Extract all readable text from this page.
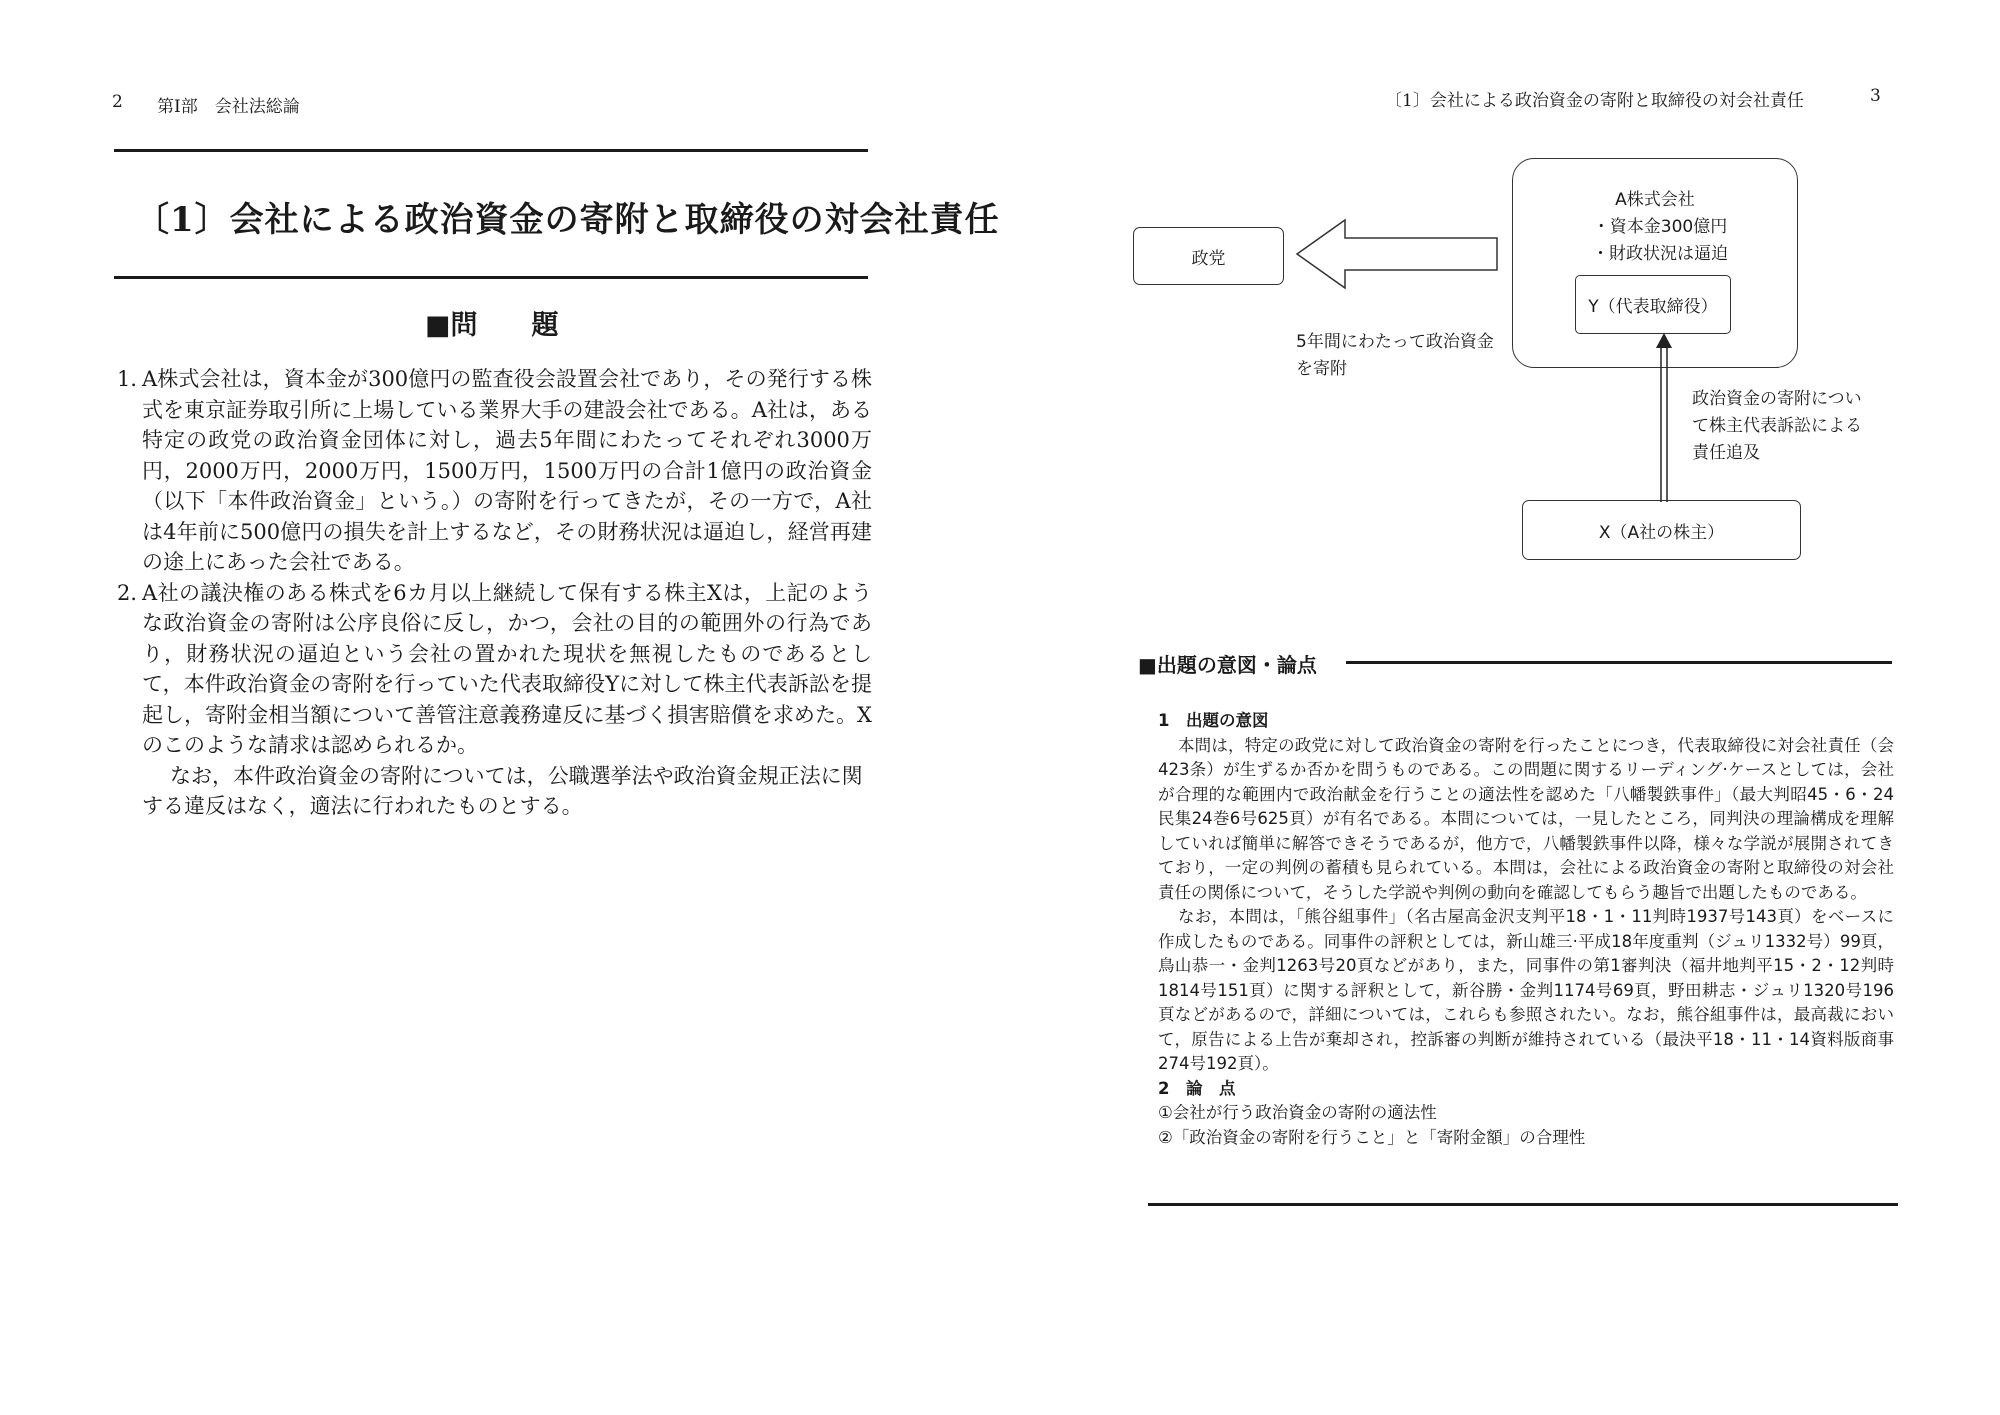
2 第Ⅰ部　会社法総論
〔1〕会社による政治資金の寄附と取締役の対会社責任
■問　　題
1．
A株式会社は，資本金が300億円の監査役会設置会社であり，その発行する株式を東京証券取引所に上場している業界大手の建設会社である。A社は，ある特定の政党の政治資金団体に対し，過去5年間にわたってそれぞれ3000万円，2000万円，2000万円，1500万円，1500万円の合計1億円の政治資金（以下「本件政治資金」という。）の寄附を行ってきたが，その一方で，A社は4年前に500億円の損失を計上するなど，その財務状況は逼迫し，経営再建の途上にあった会社である。
2．
A社の議決権のある株式を6カ月以上継続して保有する株主Xは，上記のような政治資金の寄附は公序良俗に反し，かつ，会社の目的の範囲外の行為であり，財務状況の逼迫という会社の置かれた現状を無視したものであるとして，本件政治資金の寄附を行っていた代表取締役Yに対して株主代表訴訟を提起し，寄附金相当額について善管注意義務違反に基づく損害賠償を求めた。Xのこのような請求は認められるか。

なお，本件政治資金の寄附については，公職選挙法や政治資金規正法に関する違反はなく，適法に行われたものとする。

〔1〕会社による政治資金の寄附と取締役の対会社責任	3
A株式会社
・資本金300億円
・財政状況は逼迫
Y（代表取締役）
政党
X（A社の株主）
5年間にわたって政治資金
を寄附
政治資金の寄附につい
て株主代表訴訟による
責任追及
■出題の意図・論点

1　出題の意図

本問は，特定の政党に対して政治資金の寄附を行ったことにつき，代表取締役に対会社責任（会423条）が生ずるか否かを問うものである。この問題に関するリーディング·ケースとしては，会社が合理的な範囲内で政治献金を行うことの適法性を認めた「八幡製鉄事件」（最大判昭45・6・24民集24巻6号625頁）が有名である。本問については，一見したところ，同判決の理論構成を理解していれば簡単に解答できそうであるが，他方で，八幡製鉄事件以降，様々な学説が展開されてきており，一定の判例の蓄積も見られている。本問は，会社による政治資金の寄附と取締役の対会社責任の関係について，そうした学説や判例の動向を確認してもらう趣旨で出題したものである。

なお，本問は，「熊谷組事件」（名古屋高金沢支判平18・1・11判時1937号143頁）をベースに作成したものである。同事件の評釈としては，新山雄三·平成18年度重判（ジュリ1332号）99頁，鳥山恭一・金判1263号20頁などがあり，また，同事件の第1審判決（福井地判平15・2・12判時1814号151頁）に関する評釈として，新谷勝・金判1174号69頁，野田耕志・ジュリ1320号196頁などがあるので，詳細については，これらも参照されたい。なお，熊谷組事件は，最高裁において，原告による上告が棄却され，控訴審の判断が維持されている（最決平18・11・14資料版商事274号192頁）。

2　論　点

①会社が行う政治資金の寄附の適法性

②「政治資金の寄附を行うこと」と「寄附金額」の合理性
